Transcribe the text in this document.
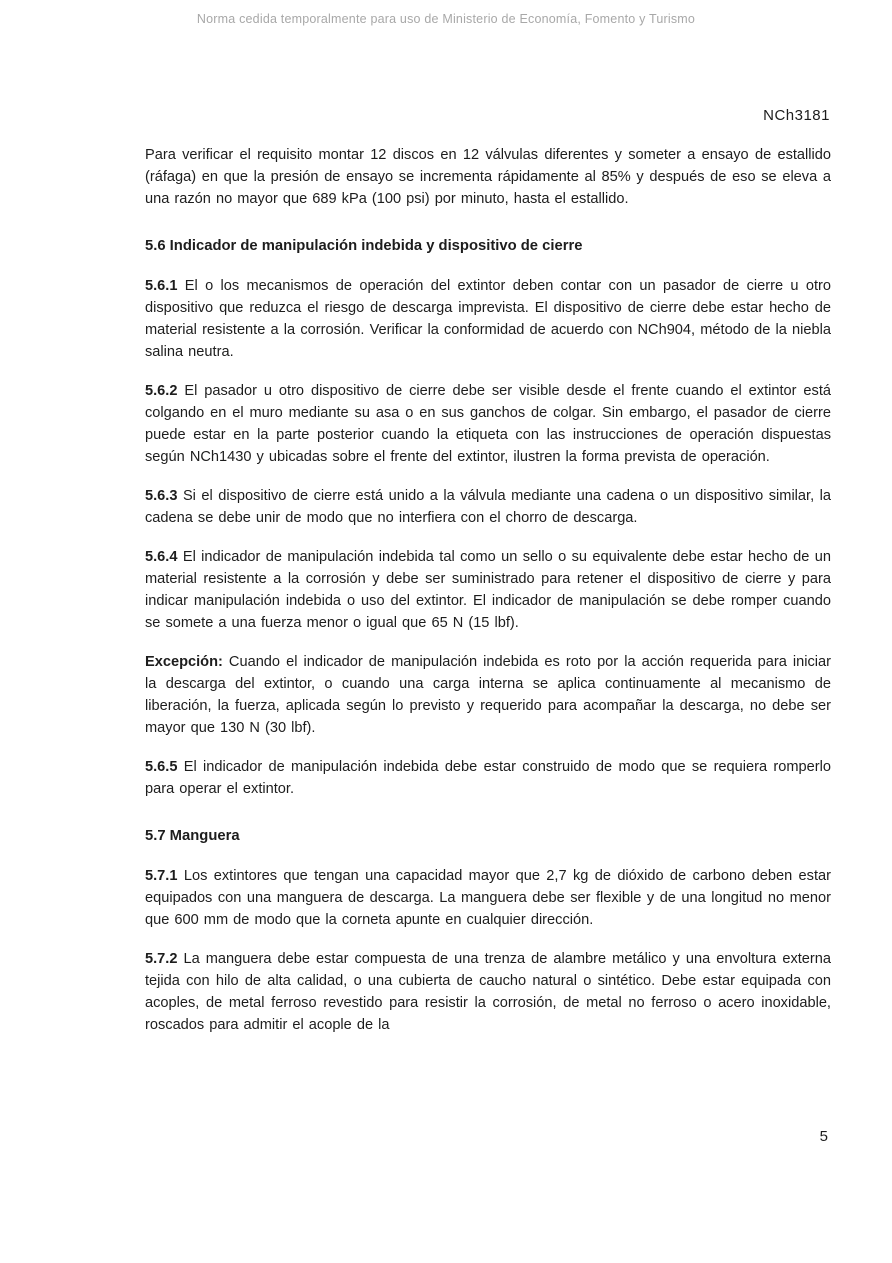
Norma cedida temporalmente para uso de Ministerio de Economía, Fomento y Turismo
NCh3181

Para verificar el requisito montar 12 discos en 12 válvulas diferentes y someter a ensayo de estallido (ráfaga) en que la presión de ensayo se incrementa rápidamente al 85% y después de eso se eleva a una razón no mayor que 689 kPa (100 psi) por minuto, hasta el estallido.

5.6 Indicador de manipulación indebida y dispositivo de cierre

5.6.1 El o los mecanismos de operación del extintor deben contar con un pasador de cierre u otro dispositivo que reduzca el riesgo de descarga imprevista. El dispositivo de cierre debe estar hecho de material resistente a la corrosión. Verificar la conformidad de acuerdo con NCh904, método de la niebla salina neutra.

5.6.2 El pasador u otro dispositivo de cierre debe ser visible desde el frente cuando el extintor está colgando en el muro mediante su asa o en sus ganchos de colgar. Sin embargo, el pasador de cierre puede estar en la parte posterior cuando la etiqueta con las instrucciones de operación dispuestas según NCh1430 y ubicadas sobre el frente del extintor, ilustren la forma prevista de operación.

5.6.3 Si el dispositivo de cierre está unido a la válvula mediante una cadena o un dispositivo similar, la cadena se debe unir de modo que no interfiera con el chorro de descarga.

5.6.4 El indicador de manipulación indebida tal como un sello o su equivalente debe estar hecho de un material resistente a la corrosión y debe ser suministrado para retener el dispositivo de cierre y para indicar manipulación indebida o uso del extintor. El indicador de manipulación se debe romper cuando se somete a una fuerza menor o igual que 65 N (15 lbf).

Excepción: Cuando el indicador de manipulación indebida es roto por la acción requerida para iniciar la descarga del extintor, o cuando una carga interna se aplica continuamente al mecanismo de liberación, la fuerza, aplicada según lo previsto y requerido para acompañar la descarga, no debe ser mayor que 130 N (30 lbf).

5.6.5 El indicador de manipulación indebida debe estar construido de modo que se requiera romperlo para operar el extintor.

5.7 Manguera

5.7.1 Los extintores que tengan una capacidad mayor que 2,7 kg de dióxido de carbono deben estar equipados con una manguera de descarga. La manguera debe ser flexible y de una longitud no menor que 600 mm de modo que la corneta apunte en cualquier dirección.

5.7.2 La manguera debe estar compuesta de una trenza de alambre metálico y una envoltura externa tejida con hilo de alta calidad, o una cubierta de caucho natural o sintético. Debe estar equipada con acoples, de metal ferroso revestido para resistir la corrosión, de metal no ferroso o acero inoxidable, roscados para admitir el acople de la

5
